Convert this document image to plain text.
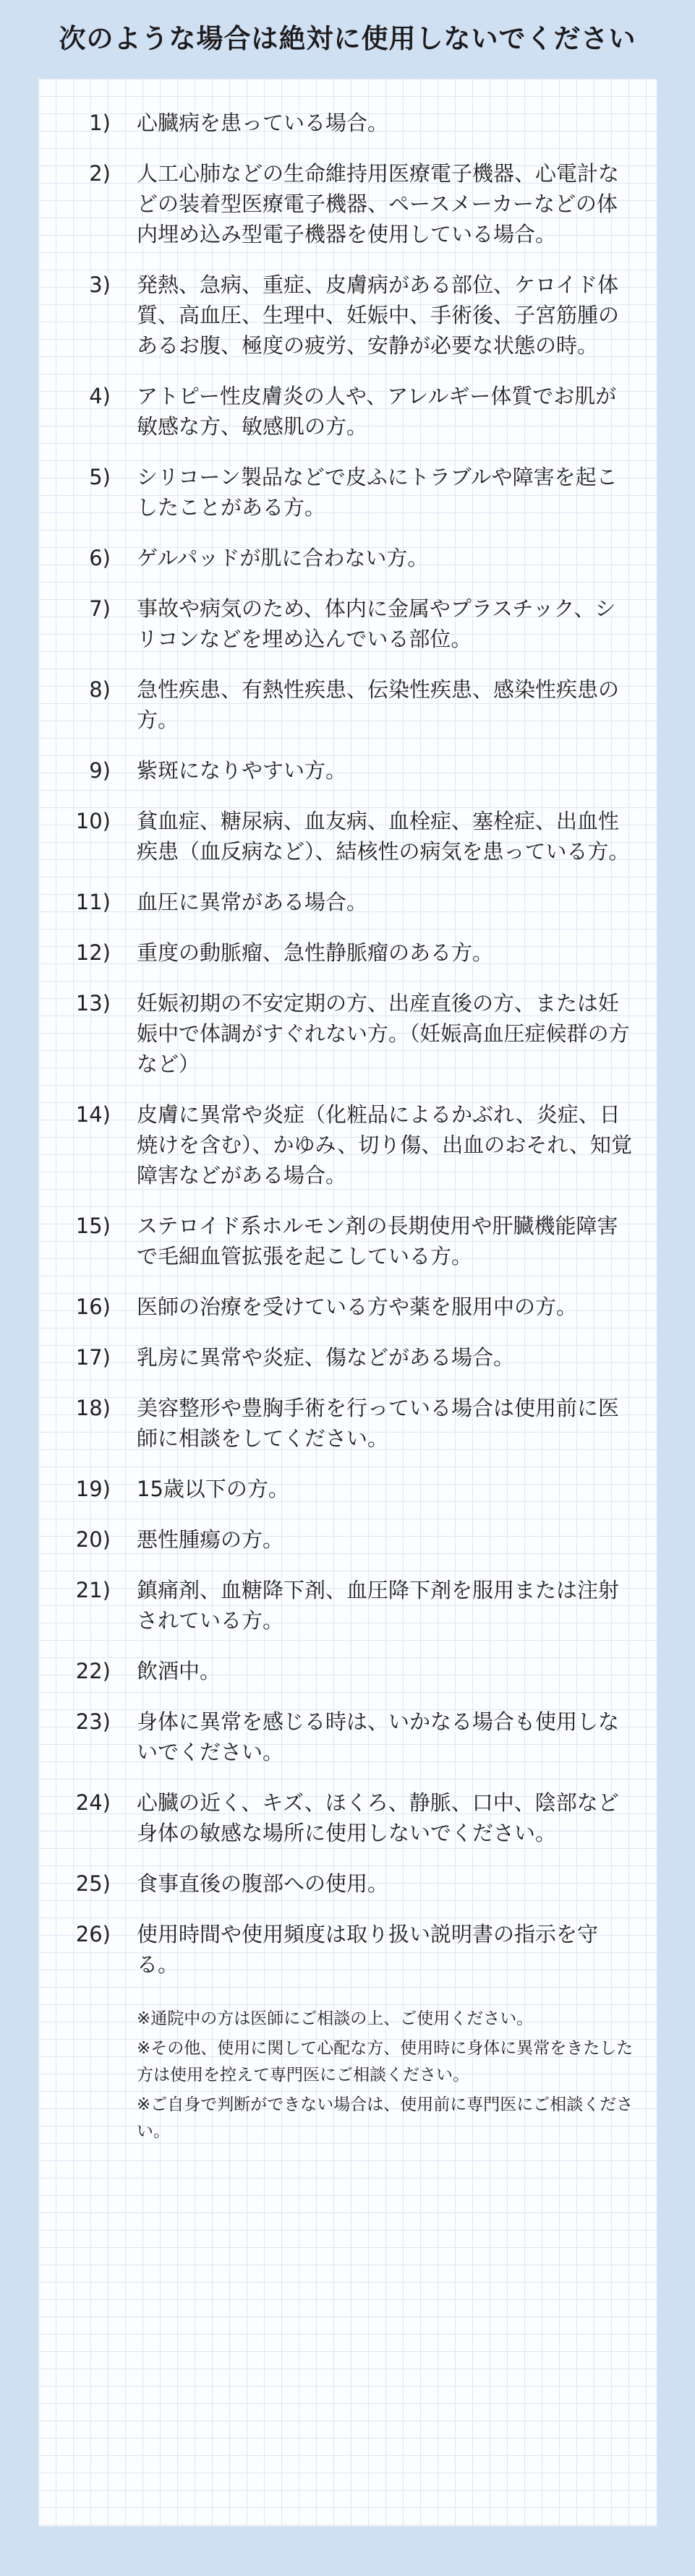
次のような場合は絶対に使用しないでください
1)	心臓病を患っている場合。
2)	人工心肺などの生命維持用医療電子機器、心電計などの装着型医療電子機器、ペースメーカーなどの体内埋め込み型電子機器を使用している場合。
3)	発熱、急病、重症、皮膚病がある部位、ケロイド体質、高血圧、生理中、妊娠中、手術後、子宮筋腫のあるお腹、極度の疲労、安静が必要な状態の時。
4)	アトピー性皮膚炎の人や、アレルギー体質でお肌が敏感な方、敏感肌の方。
5)	シリコーン製品などで皮ふにトラブルや障害を起こしたことがある方。
6)	ゲルパッドが肌に合わない方。
7)	事故や病気のため、体内に金属やプラスチック、シリコンなどを埋め込んでいる部位。
8)	急性疾患、有熱性疾患、伝染性疾患、感染性疾患の方。
9)	紫斑になりやすい方。
10)	貧血症、糖尿病、血友病、血栓症、塞栓症、出血性疾患（血反病など）、結核性の病気を患っている方。
11)	血圧に異常がある場合。
12)	重度の動脈瘤、急性静脈瘤のある方。
13)	妊娠初期の不安定期の方、出産直後の方、または妊娠中で体調がすぐれない方。（妊娠高血圧症候群の方など）
14)	皮膚に異常や炎症（化粧品によるかぶれ、炎症、日焼けを含む）、かゆみ、切り傷、出血のおそれ、知覚障害などがある場合。
15)	ステロイド系ホルモン剤の長期使用や肝臓機能障害で毛細血管拡張を起こしている方。
16)	医師の治療を受けている方や薬を服用中の方。
17)	乳房に異常や炎症、傷などがある場合。
18)	美容整形や豊胸手術を行っている場合は使用前に医師に相談をしてください。
19)	15歳以下の方。
20)	悪性腫瘍の方。
21)	鎮痛剤、血糖降下剤、血圧降下剤を服用または注射されている方。
22)	飲酒中。
23)	身体に異常を感じる時は、いかなる場合も使用しないでください。
24)	心臓の近く、キズ、ほくろ、静脈、口中、陰部など身体の敏感な場所に使用しないでください。
25)	食事直後の腹部への使用。
26)	使用時間や使用頻度は取り扱い説明書の指示を守る。
※通院中の方は医師にご相談の上、ご使用ください。
※その他、使用に関して心配な方、使用時に身体に異常をきたした方は使用を控えて専門医にご相談ください。
※ご自身で判断ができない場合は、使用前に専門医にご相談ください。
